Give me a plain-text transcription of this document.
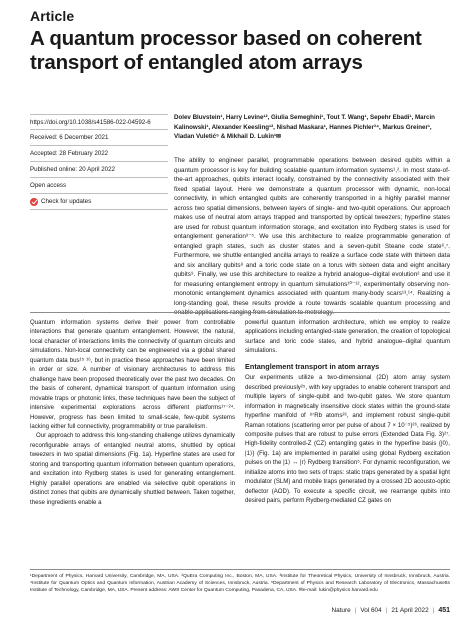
Article
A quantum processor based on coherent transport of entangled atom arrays
https://doi.org/10.1038/s41586-022-04592-6
Received: 6 December 2021
Accepted: 28 February 2022
Published online: 20 April 2022
Open access
Check for updates
Dolev Bluvstein¹, Harry Levine¹², Giulia Semeghini¹, Tout T. Wang¹, Sepehr Ebadi¹, Marcin Kalinowski¹, Alexander Keesling¹², Nishad Maskara¹, Hannes Pichler³⁴, Markus Greiner¹, Vladan Vuletić⁵ & Mikhail D. Lukin¹✉

The ability to engineer parallel, programmable operations between desired qubits within a quantum processor is key for building scalable quantum information systems¹,². In most state-of-the-art approaches, qubits interact locally, constrained by the connectivity associated with their fixed spatial layout. Here we demonstrate a quantum processor with dynamic, non-local connectivity, in which entangled qubits are coherently transported in a highly parallel manner across two spatial dimensions, between layers of single- and two-qubit operations. Our approach makes use of neutral atom arrays trapped and transported by optical tweezers; hyperfine states are used for robust quantum information storage, and excitation into Rydberg states is used for entanglement generation³⁻⁵. We use this architecture to realize programmable generation of entangled graph states, such as cluster states and a seven-qubit Steane code state⁶,⁷. Furthermore, we shuttle entangled ancilla arrays to realize a surface code state with thirteen data and six ancillary qubits⁸ and a toric code state on a torus with sixteen data and eight ancillary qubits⁹. Finally, we use this architecture to realize a hybrid analogue–digital evolution² and use it for measuring entanglement entropy in quantum simulations¹⁰⁻¹², experimentally observing non-monotonic entanglement dynamics associated with quantum many-body scars¹³,¹⁴. Realizing a long-standing goal, these results provide a route towards scalable quantum processing and enable applications ranging from simulation to metrology.

Quantum information systems derive their power from controllable interactions that generate quantum entanglement. However, the natural, local character of interactions limits the connectivity of quantum circuits and simulations. Non-local connectivity can be engineered via a global shared quantum data bus¹⁵ ¹⁶, but in practice these approaches have been limited in order or size. A number of visionary architectures to address this challenge have been proposed theoretically over the past two decades. On the basis of coherent, dynamical transport of quantum information using movable traps or photonic links, these techniques have been the subject of intensive experimental explorations across different platforms¹⁷⁻²⁴. However, progress has been limited to small-scale, few-qubit systems lacking either full connectivity, programmability or true parallelism.

Our approach to address this long-standing challenge utilizes dynamically reconfigurable arrays of entangled neutral atoms, shuttled by optical tweezers in two spatial dimensions (Fig. 1a). Hyperfine states are used for storing and transporting quantum information between quantum operations, and excitation into Rydberg states is used for generating entanglement. Highly parallel operations are enabled via selective qubit operations in distinct zones that qubits are dynamically shuttled between. Taken together, these ingredients enable a

powerful quantum information architecture, which we employ to realize applications including entangled-state generation, the creation of topological surface and toric code states, and hybrid analogue–digital quantum simulations.

Entanglement transport in atom arrays

Our experiments utilize a two-dimensional (2D) atom array system described previously²⁵, with key upgrades to enable coherent transport and multiple layers of single-qubit and two-qubit gates. We store quantum information in magnetically insensitive clock states within the ground-state hyperfine manifold of ⁸⁷Rb atoms²⁶, and implement robust single-qubit Raman rotations (scattering error per pulse of about 7 × 10⁻⁵)²⁶, realized by composite pulses that are robust to pulse errors (Extended Data Fig. 3)²⁷. High-fidelity controlled-Z (CZ) entangling gates in the hyperfine basis {|0⟩, |1⟩} (Fig. 1a) are implemented in parallel using global Rydberg excitation pulses on the |1⟩ ↔ |r⟩ Rydberg transition⁵. For dynamic reconfiguration, we initialize atoms into two sets of traps: static traps generated by a spatial light modulator (SLM) and mobile traps generated by a crossed 2D acousto-optic deflector (AOD). To execute a specific circuit, we rearrange qubits into desired pairs, perform Rydberg-mediated CZ gates on

¹Department of Physics, Harvard University, Cambridge, MA, USA. ²QuEra Computing Inc., Boston, MA, USA. ³Institute for Theoretical Physics, University of Innsbruck, Innsbruck, Austria. ⁴Institute for Quantum Optics and Quantum Information, Austrian Academy of Sciences, Innsbruck, Austria. ⁵Department of Physics and Research Laboratory of Electronics, Massachusetts Institute of Technology, Cambridge, MA, USA. Present address: AWS Center for Quantum Computing, Pasadena, CA, USA. ✉e-mail: lukin@physics.harvard.edu

Nature | Vol 604 | 21 April 2022 | 451
